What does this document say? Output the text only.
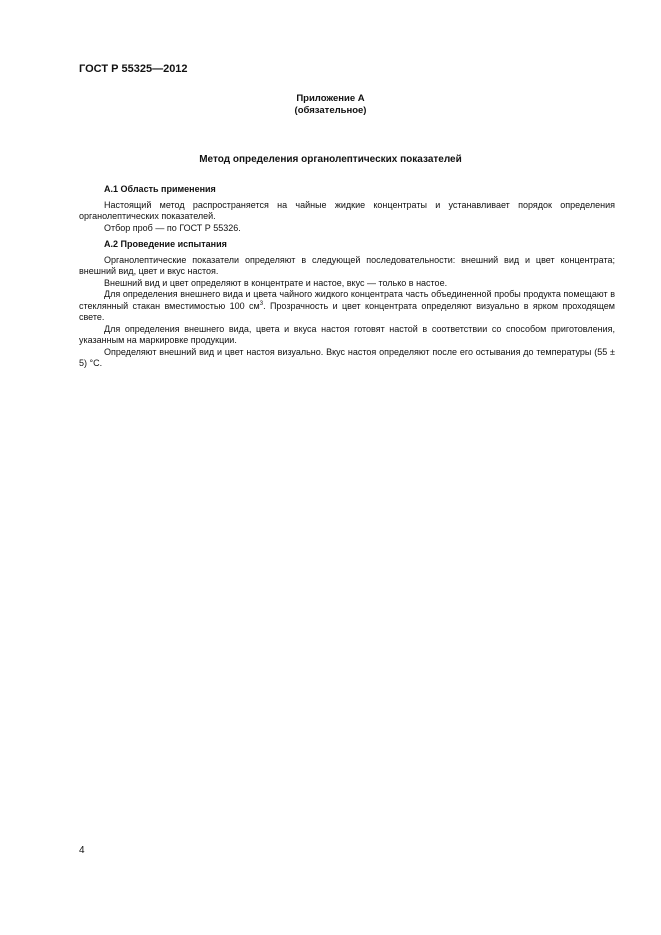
ГОСТ Р 55325—2012
Приложение А
(обязательное)
Метод определения органолептических показателей
А.1 Область применения

Настоящий метод распространяется на чайные жидкие концентраты и устанавливает порядок определения органолептических показателей.

Отбор проб — по ГОСТ Р 55326.

А.2 Проведение испытания

Органолептические показатели определяют в следующей последовательности: внешний вид и цвет концентрата; внешний вид, цвет и вкус настоя.

Внешний вид и цвет определяют в концентрате и настое, вкус — только в настое.

Для определения внешнего вида и цвета чайного жидкого концентрата часть объединенной пробы продукта помещают в стеклянный стакан вместимостью 100 $см^3$. Прозрачность и цвет концентрата определяют визуально в ярком проходящем свете.

Для определения внешнего вида, цвета и вкуса настоя готовят настой в соответствии со способом приготовления, указанным на маркировке продукции.

Определяют внешний вид и цвет настоя визуально. Вкус настоя определяют после его остывания до температуры (55 ± 5) °С.

4
